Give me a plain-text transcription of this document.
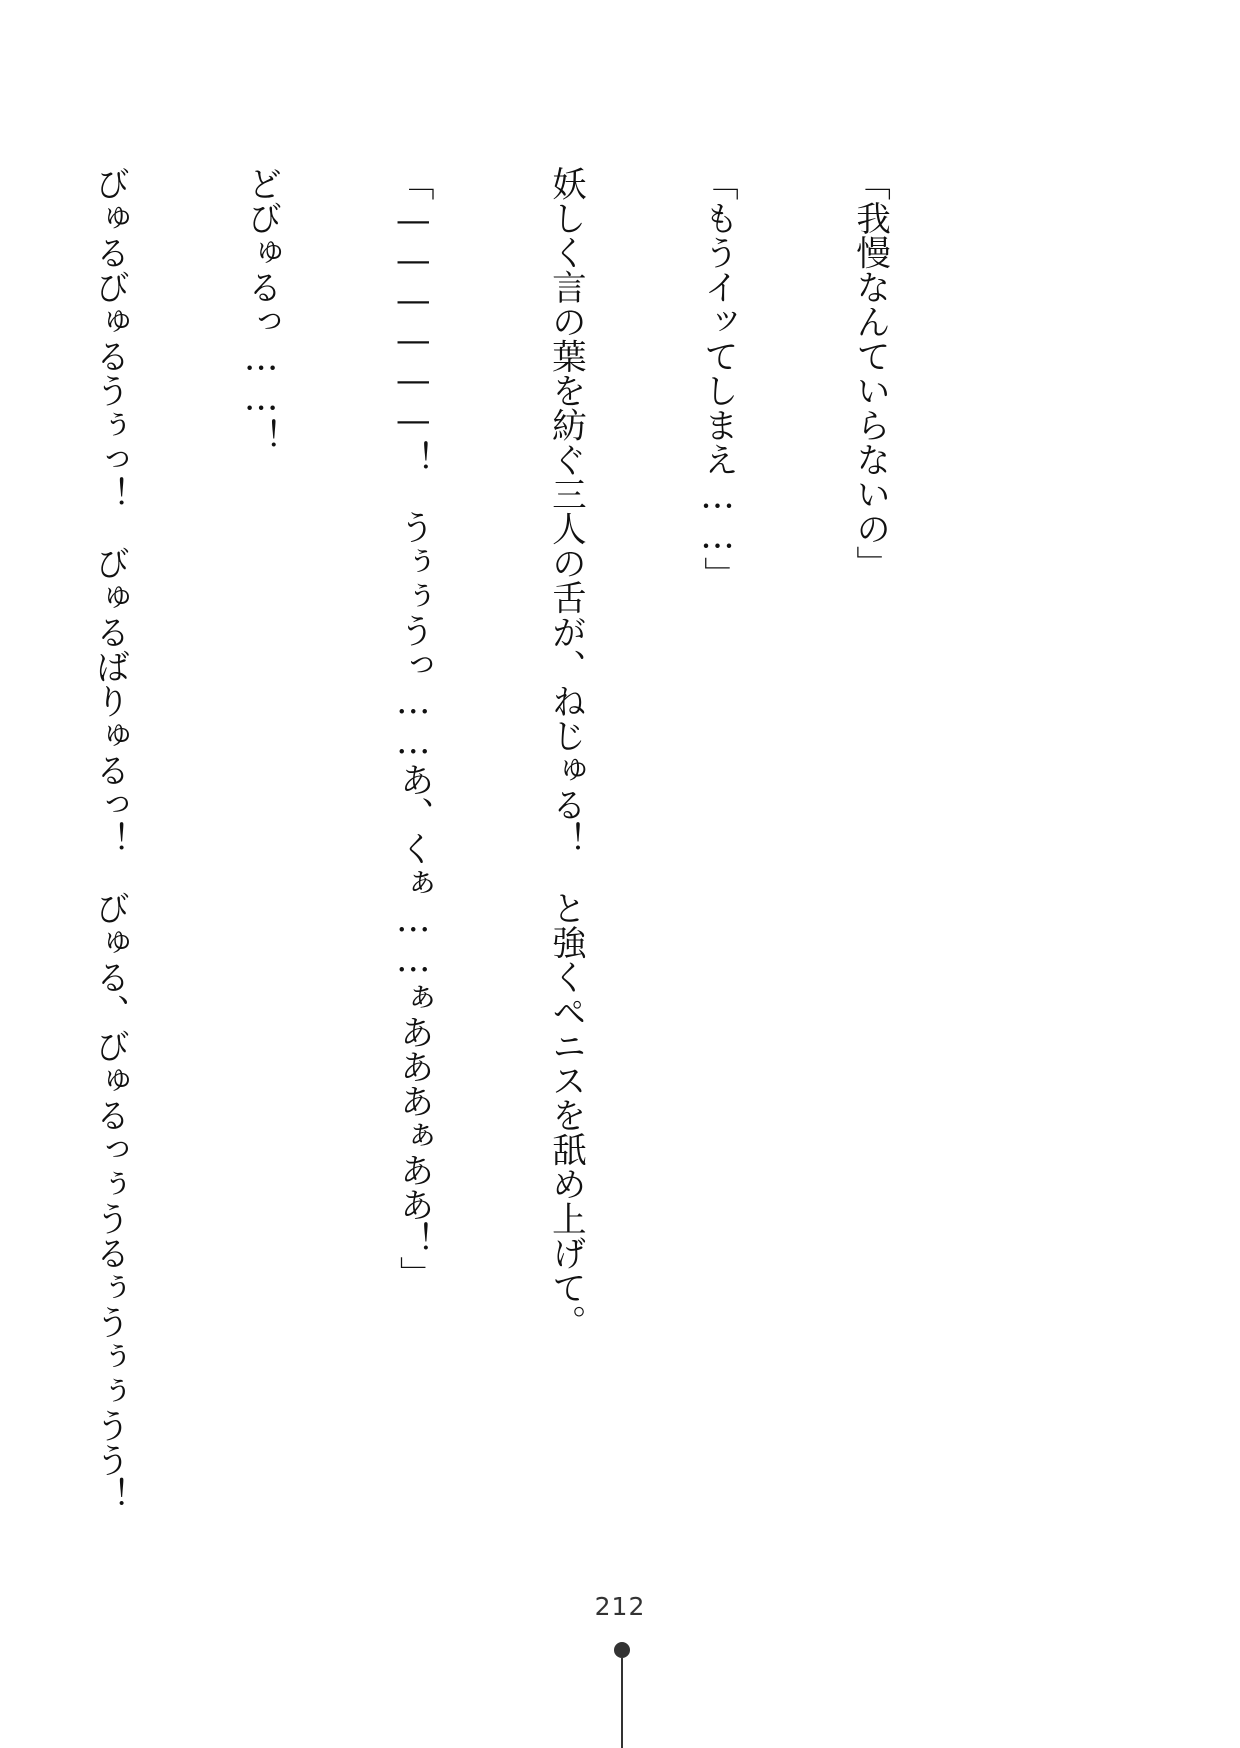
「我慢なんていらないの」

「もうイッてしまえ……」

妖しく言の葉を紡ぐ三人の舌が、ねじゅる！　と強くペニスを舐め上げて。

「——————！　うぅぅうっ……あ、くぁ……ぁあああぁああ！」

どびゅるっ……！

びゅるびゅるうぅっ！　びゅるばりゅるっ！　びゅる、びゅるっぅうるぅうぅぅうう！

212
